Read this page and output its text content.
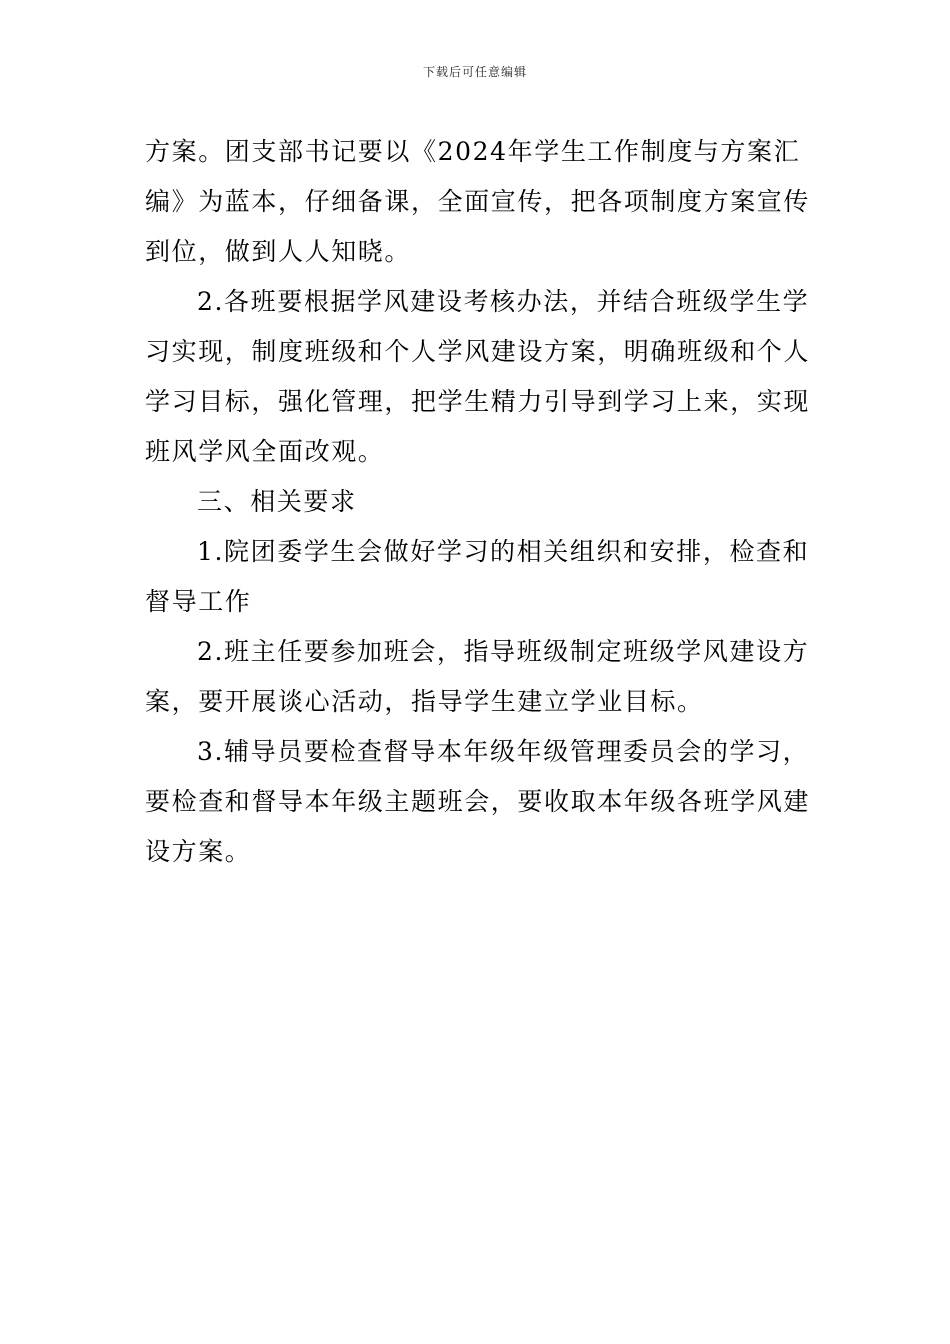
下载后可任意编辑
方案。团支部书记要以《2024年学生工作制度与方案汇
编》为蓝本，仔细备课，全面宣传，把各项制度方案宣传
到位，做到人人知晓。
2.各班要根据学风建设考核办法，并结合班级学生学
习实现，制度班级和个人学风建设方案，明确班级和个人
学习目标，强化管理，把学生精力引导到学习上来，实现
班风学风全面改观。
三、相关要求
1.院团委学生会做好学习的相关组织和安排，检查和
督导工作
2.班主任要参加班会，指导班级制定班级学风建设方
案，要开展谈心活动，指导学生建立学业目标。
3.辅导员要检查督导本年级年级管理委员会的学习，
要检查和督导本年级主题班会，要收取本年级各班学风建
设方案。
